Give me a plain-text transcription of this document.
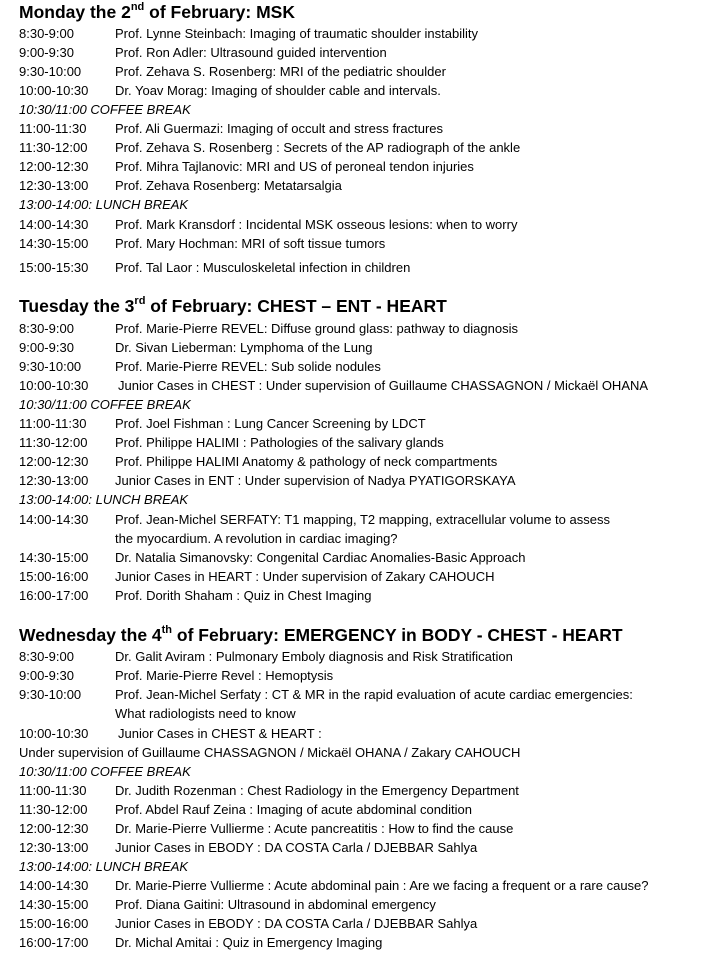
Monday the 2nd of February: MSK
8:30-9:00	Prof. Lynne Steinbach: Imaging of traumatic shoulder instability
9:00-9:30	Prof. Ron Adler: Ultrasound guided intervention
9:30-10:00	Prof. Zehava S. Rosenberg: MRI of the pediatric shoulder
10:00-10:30 Dr. Yoav Morag: Imaging of shoulder cable and intervals.
10:30/11:00 COFFEE BREAK
11:00-11:30 Prof. Ali Guermazi: Imaging of occult and stress fractures
11:30-12:00 Prof. Zehava S. Rosenberg : Secrets of the AP radiograph of the ankle
12:00-12:30 Prof. Mihra Tajlanovic: MRI and US of peroneal tendon injuries
12:30-13:00 Prof. Zehava Rosenberg: Metatarsalgia
13:00-14:00: LUNCH BREAK
14:00-14:30 Prof. Mark Kransdorf : Incidental MSK osseous lesions: when to worry
14:30-15:00 Prof. Mary Hochman: MRI of soft tissue tumors
15:00-15:30 Prof. Tal Laor : Musculoskeletal infection in children
Tuesday the 3rd of February: CHEST – ENT - HEART
8:30-9:00	Prof. Marie-Pierre REVEL: Diffuse ground glass: pathway to diagnosis
9:00-9:30	Dr. Sivan Lieberman: Lymphoma of the Lung
9:30-10:00	Prof. Marie-Pierre REVEL: Sub solide nodules
10:00-10:30 Junior Cases in CHEST : Under supervision of Guillaume CHASSAGNON / Mickaël OHANA
10:30/11:00 COFFEE BREAK
11:00-11:30 Prof. Joel Fishman : Lung Cancer Screening by LDCT
11:30-12:00 Prof. Philippe HALIMI : Pathologies of the salivary glands
12:00-12:30 Prof. Philippe HALIMI Anatomy & pathology of neck compartments
12:30-13:00 Junior Cases in ENT : Under supervision of Nadya PYATIGORSKAYA
13:00-14:00: LUNCH BREAK
14:00-14:30 Prof. Jean-Michel SERFATY: T1 mapping, T2 mapping, extracellular volume to assess
the myocardium. A revolution in cardiac imaging?
14:30-15:00 Dr. Natalia Simanovsky: Congenital Cardiac Anomalies-Basic Approach
15:00-16:00 Junior Cases in HEART : Under supervision of Zakary CAHOUCH
16:00-17:00 Prof. Dorith Shaham : Quiz in Chest Imaging
Wednesday the 4th of February: EMERGENCY in BODY - CHEST - HEART
8:30-9:00	Dr. Galit Aviram : Pulmonary Emboly diagnosis and Risk Stratification
9:00-9:30	Prof. Marie-Pierre Revel : Hemoptysis
9:30-10:00	Prof. Jean-Michel Serfaty : CT & MR in the rapid evaluation of acute cardiac emergencies:
What radiologists need to know
10:00-10:30 Junior Cases in CHEST & HEART :
Under supervision of Guillaume CHASSAGNON / Mickaël OHANA / Zakary CAHOUCH
10:30/11:00 COFFEE BREAK
11:00-11:30 Dr. Judith Rozenman : Chest Radiology in the Emergency Department
11:30-12:00 Prof. Abdel Rauf Zeina : Imaging of acute abdominal condition
12:00-12:30 Dr. Marie-Pierre Vullierme : Acute pancreatitis : How to find the cause
12:30-13:00 Junior Cases in EBODY : DA COSTA Carla / DJEBBAR Sahlya
13:00-14:00: LUNCH BREAK
14:00-14:30 Dr. Marie-Pierre Vullierme : Acute abdominal pain : Are we facing a frequent or a rare cause?
14:30-15:00 Prof. Diana Gaitini: Ultrasound in abdominal emergency
15:00-16:00 Junior Cases in EBODY : DA COSTA Carla / DJEBBAR Sahlya
16:00-17:00 Dr. Michal Amitai : Quiz in Emergency Imaging
